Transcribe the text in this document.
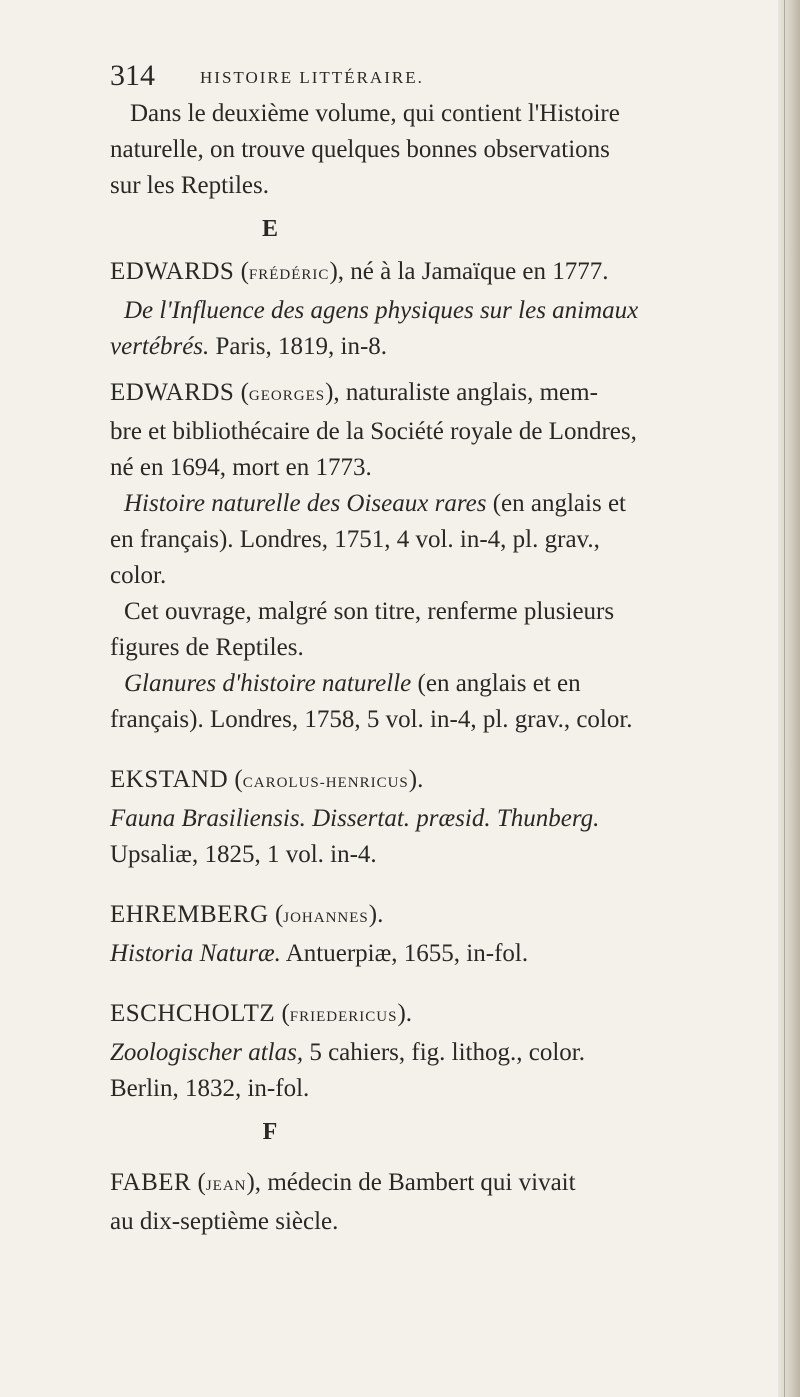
314	HISTOIRE LITTÉRAIRE.
Dans le deuxième volume, qui contient l'Histoire
naturelle, on trouve quelques bonnes observations
sur les Reptiles.
E
EDWARDS (FRÉDÉRIC), né à la Jamaïque en 1777.
De l'Influence des agens physiques sur les animaux
vertébrés. Paris, 1819, in-8.
EDWARDS (GEORGES), naturaliste anglais, mem-
bre et bibliothécaire de la Société royale de Londres,
né en 1694, mort en 1773.
Histoire naturelle des Oiseaux rares (en anglais et
en français). Londres, 1751, 4 vol. in-4, pl. grav.,
color.
Cet ouvrage, malgré son titre, renferme plusieurs
figures de Reptiles.
Glanures d'histoire naturelle (en anglais et en
français). Londres, 1758, 5 vol. in-4, pl. grav., color.
EKSTAND (CAROLUS-HENRICUS).
Fauna Brasiliensis. Dissertat. præsid. Thunberg.
Upsaliæ, 1825, 1 vol. in-4.
EHREMBERG (JOHANNES).
Historia Naturæ. Antuerpiæ, 1655, in-fol.
ESCHCHOLTZ (FRIEDERICUS).
Zoologischer atlas, 5 cahiers, fig. lithog., color.
Berlin, 1832, in-fol.
F
FABER (JEAN), médecin de Bambert qui vivait
au dix-septième siècle.
